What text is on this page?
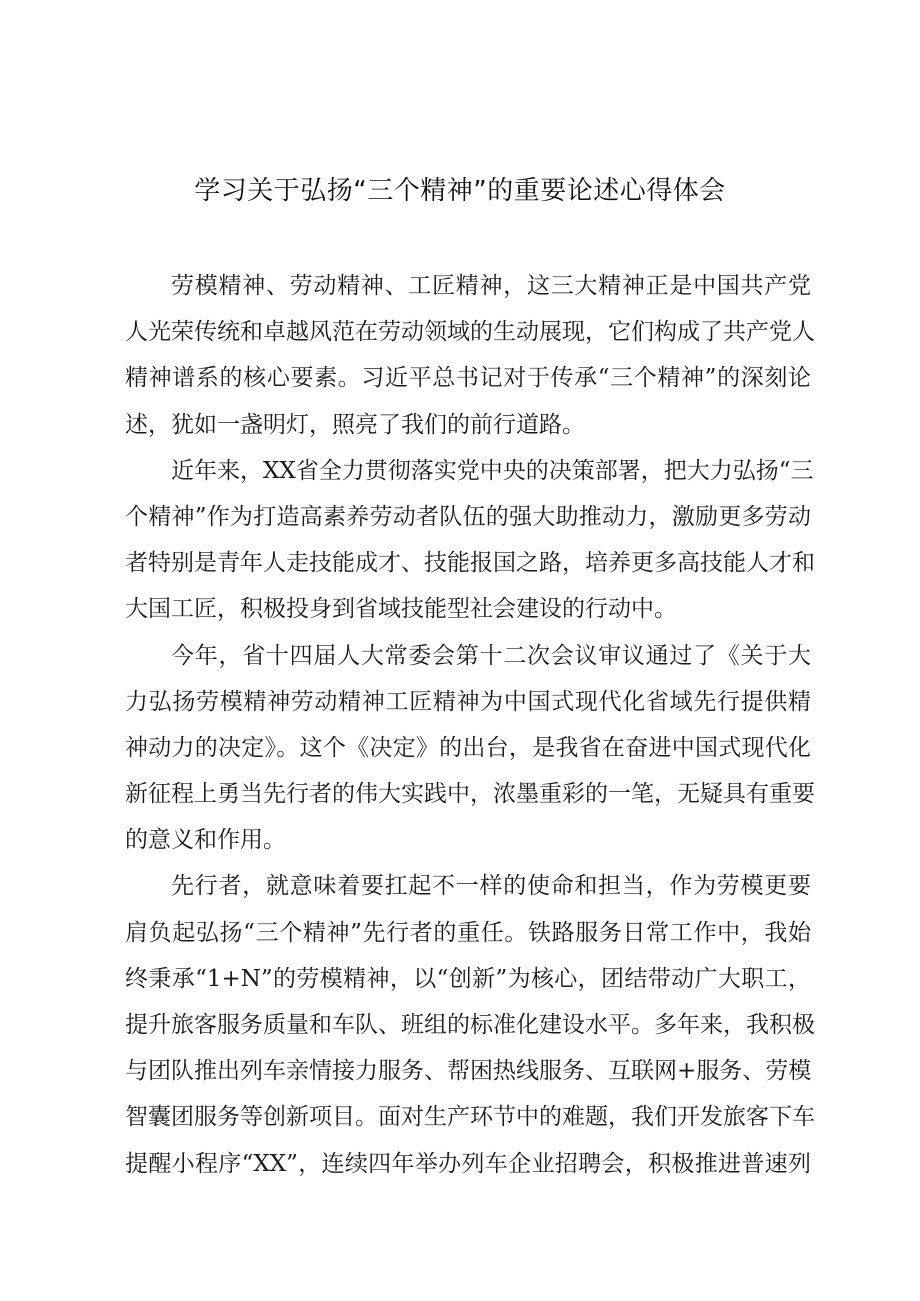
学习关于弘扬“三个精神”的重要论述心得体会
劳模精神、劳动精神、工匠精神，这三大精神正是中国共产党
人光荣传统和卓越风范在劳动领域的生动展现，它们构成了共产党人
精神谱系的核心要素。习近平总书记对于传承“三个精神”的深刻论
述，犹如一盏明灯，照亮了我们的前行道路。
近年来，XX省全力贯彻落实党中央的决策部署，把大力弘扬“三
个精神”作为打造高素养劳动者队伍的强大助推动力，激励更多劳动
者特别是青年人走技能成才、技能报国之路，培养更多高技能人才和
大国工匠，积极投身到省域技能型社会建设的行动中。
今年，省十四届人大常委会第十二次会议审议通过了《关于大
力弘扬劳模精神劳动精神工匠精神为中国式现代化省域先行提供精
神动力的决定》。这个《决定》的出台，是我省在奋进中国式现代化
新征程上勇当先行者的伟大实践中，浓墨重彩的一笔，无疑具有重要
的意义和作用。
先行者，就意味着要扛起不一样的使命和担当，作为劳模更要
肩负起弘扬“三个精神”先行者的重任。铁路服务日常工作中，我始
终秉承“1+N”的劳模精神，以“创新”为核心，团结带动广大职工，
提升旅客服务质量和车队、班组的标准化建设水平。多年来，我积极
与团队推出列车亲情接力服务、帮困热线服务、互联网+服务、劳模
智囊团服务等创新项目。面对生产环节中的难题，我们开发旅客下车
提醒小程序“XX”，连续四年举办列车企业招聘会，积极推进普速列
